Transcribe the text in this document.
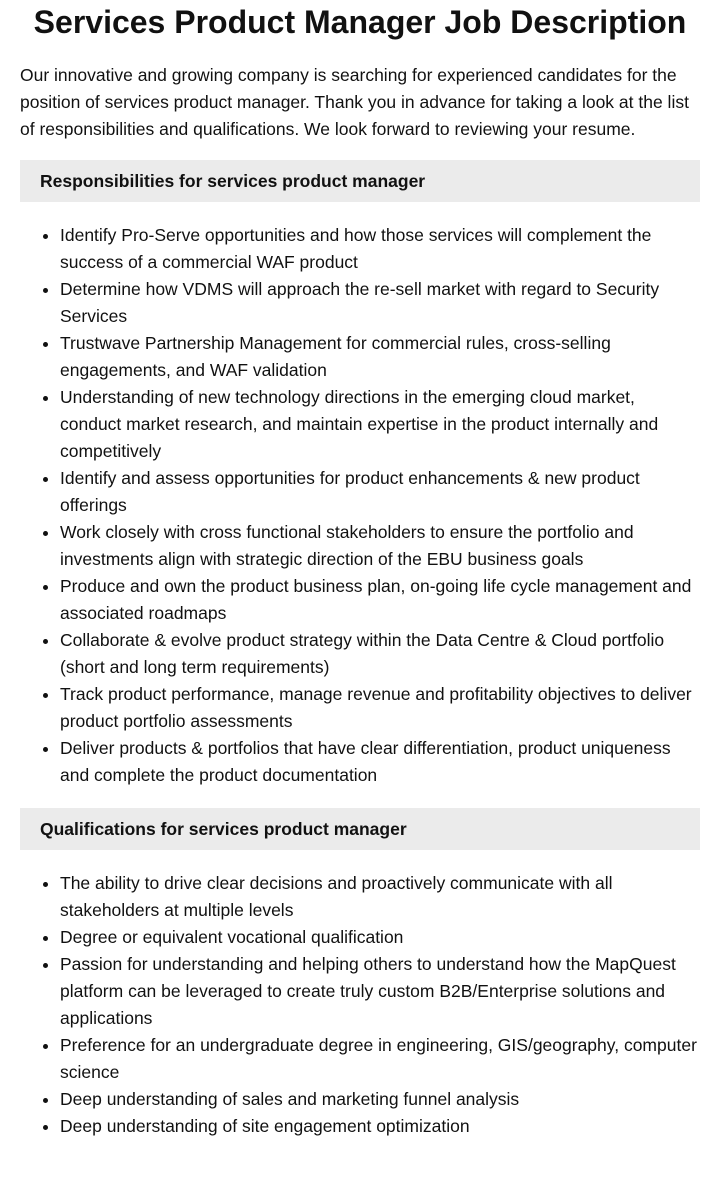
Services Product Manager Job Description

Our innovative and growing company is searching for experienced candidates for the position of services product manager. Thank you in advance for taking a look at the list of responsibilities and qualifications. We look forward to reviewing your resume.

Responsibilities for services product manager
• Identify Pro-Serve opportunities and how those services will complement the success of a commercial WAF product
• Determine how VDMS will approach the re-sell market with regard to Security Services
• Trustwave Partnership Management for commercial rules, cross-selling engagements, and WAF validation
• Understanding of new technology directions in the emerging cloud market, conduct market research, and maintain expertise in the product internally and competitively
• Identify and assess opportunities for product enhancements & new product offerings
• Work closely with cross functional stakeholders to ensure the portfolio and investments align with strategic direction of the EBU business goals
• Produce and own the product business plan, on-going life cycle management and associated roadmaps
• Collaborate & evolve product strategy within the Data Centre & Cloud portfolio (short and long term requirements)
• Track product performance, manage revenue and profitability objectives to deliver product portfolio assessments
• Deliver products & portfolios that have clear differentiation, product uniqueness and complete the product documentation
Qualifications for services product manager
• The ability to drive clear decisions and proactively communicate with all stakeholders at multiple levels
• Degree or equivalent vocational qualification
• Passion for understanding and helping others to understand how the MapQuest platform can be leveraged to create truly custom B2B/Enterprise solutions and applications
• Preference for an undergraduate degree in engineering, GIS/geography, computer science
• Deep understanding of sales and marketing funnel analysis
• Deep understanding of site engagement optimization
